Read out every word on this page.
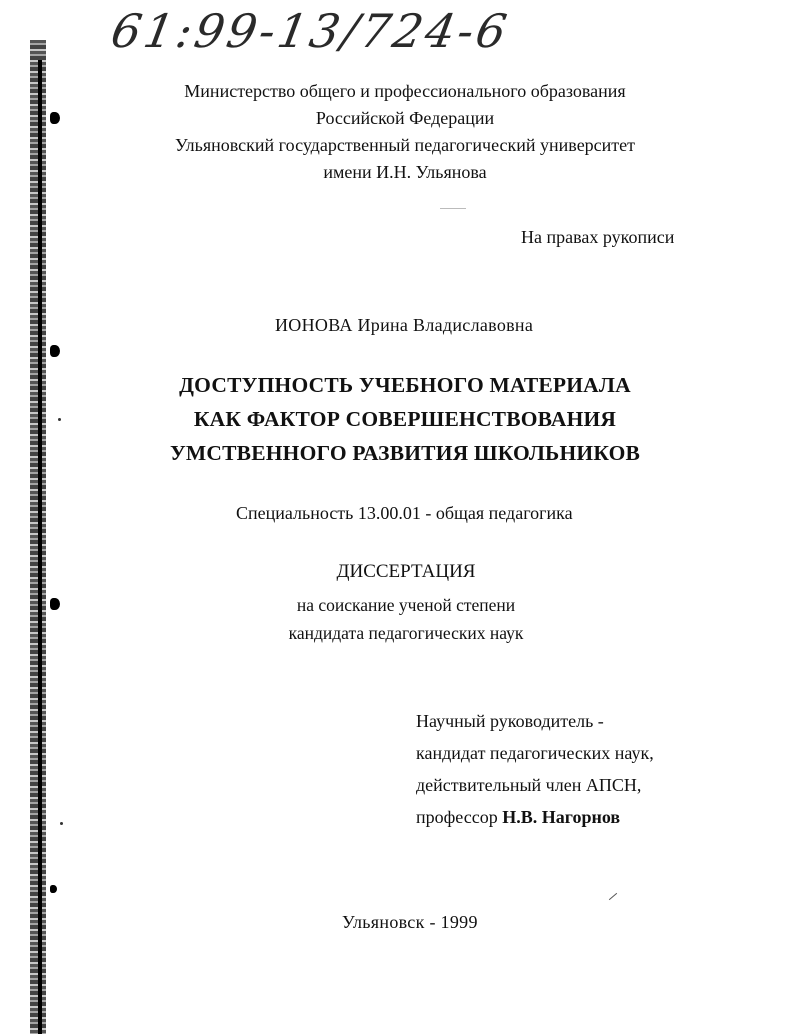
61:99-13/724-6
Министерство общего и профессионального образования
Российской Федерации
Ульяновский государственный педагогический университет
имени И.Н. Ульянова
На правах рукописи
ИОНОВА Ирина Владиславовна
ДОСТУПНОСТЬ УЧЕБНОГО МАТЕРИАЛА
КАК ФАКТОР СОВЕРШЕНСТВОВАНИЯ
УМСТВЕННОГО РАЗВИТИЯ ШКОЛЬНИКОВ
Специальность 13.00.01 - общая педагогика
ДИССЕРТАЦИЯ
на соискание ученой степени
кандидата педагогических наук
Научный руководитель -
кандидат педагогических наук,
действительный член АПСН,
профессор Н.В. Нагорнов
Ульяновск - 1999
